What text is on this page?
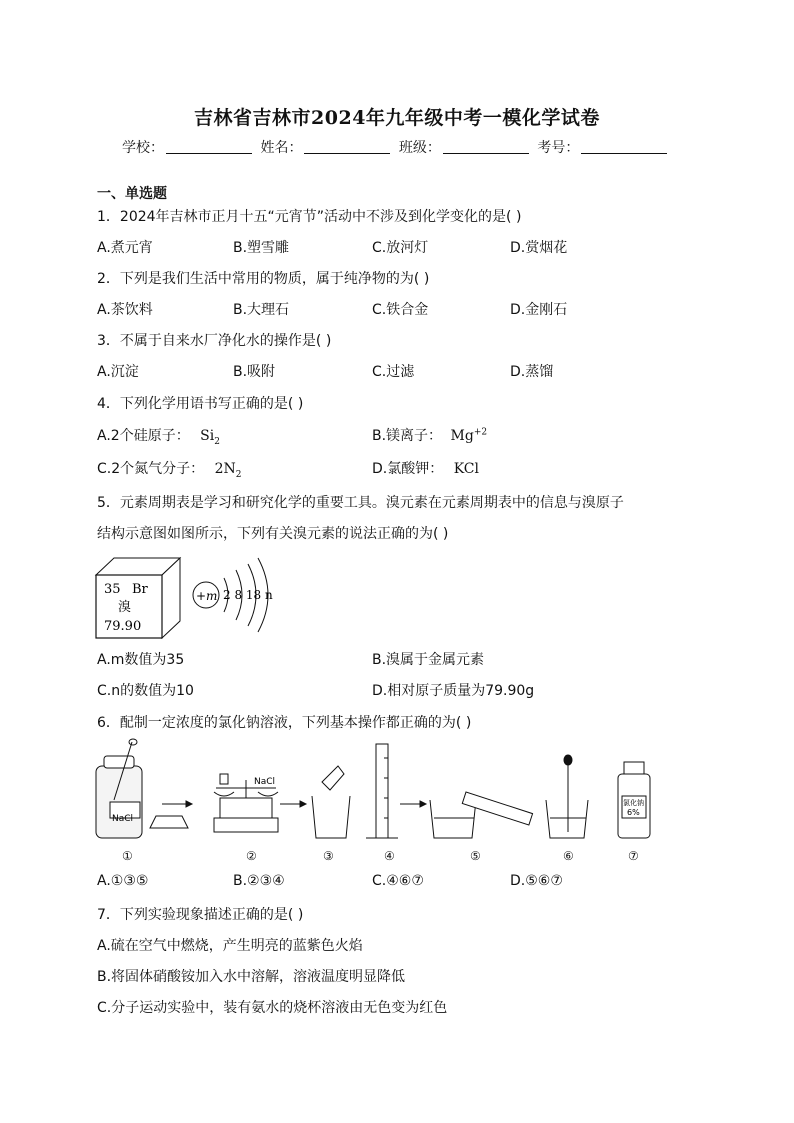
吉林省吉林市2024年九年级中考一模化学试卷
学校：	姓名：	班级：	考号：
一、单选题
1．2024年吉林市正月十五“元宵节”活动中不涉及到化学变化的是( )
A.煮元宵	B.塑雪雕	C.放河灯	D.赏烟花
2．下列是我们生活中常用的物质，属于纯净物的为( )
A.茶饮料	B.大理石	C.铁合金	D.金刚石
3．不属于自来水厂净化水的操作是( )
A.沉淀	B.吸附	C.过滤	D.蒸馏
4．下列化学用语书写正确的是( )
A.2个硅原子： $Si_2$	B.镁离子： $Mg^{+2}$
C.2个氮气分子： $2N_2$	D.氯酸钾： KCl
5．元素周期表是学习和研究化学的重要工具。溴元素在元素周期表中的信息与溴原子
结构示意图如图所示，下列有关溴元素的说法正确的为( )
35 Br
溴
79.90
+m 2 8 18 n
A.m数值为35	B.溴属于金属元素
C.n的数值为10	D.相对原子质量为79.90g
6．配制一定浓度的氯化钠溶液，下列基本操作都正确的为( )
NaCl
NaCl
氯化钠
6%
①	②	③	④	⑤	⑥	⑦
A.①③⑤	B.②③④	C.④⑥⑦	D.⑤⑥⑦
7．下列实验现象描述正确的是( )
A.硫在空气中燃烧，产生明亮的蓝紫色火焰
B.将固体硝酸铵加入水中溶解，溶液温度明显降低
C.分子运动实验中，装有氨水的烧杯溶液由无色变为红色
